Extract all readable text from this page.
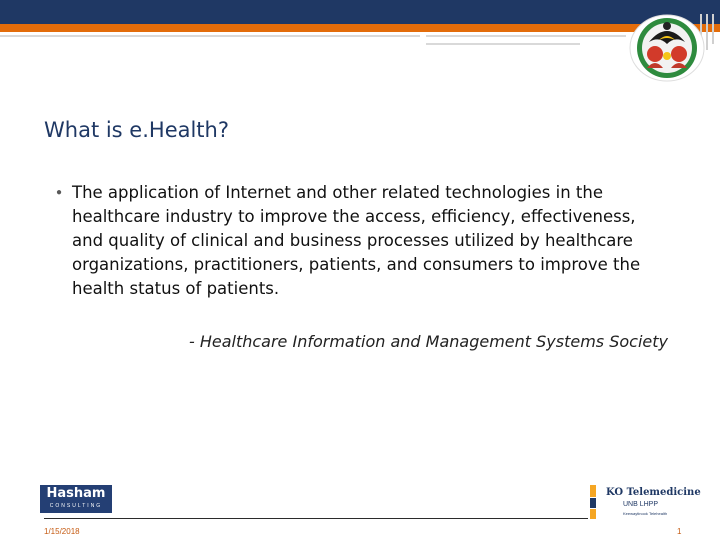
What is e.Health?
● The application of Internet and other related technologies in the healthcare industry to improve the access, efficiency, effectiveness, and quality of clinical and business processes utilized by healthcare organizations, practitioners, patients, and consumers to improve the health status of patients.
- Healthcare Information and Management Systems Society
Hasham
CONSULTING
KO Telemedicine
UNB LHPP
Keewaytinook Telehealth
1/15/2018	1
